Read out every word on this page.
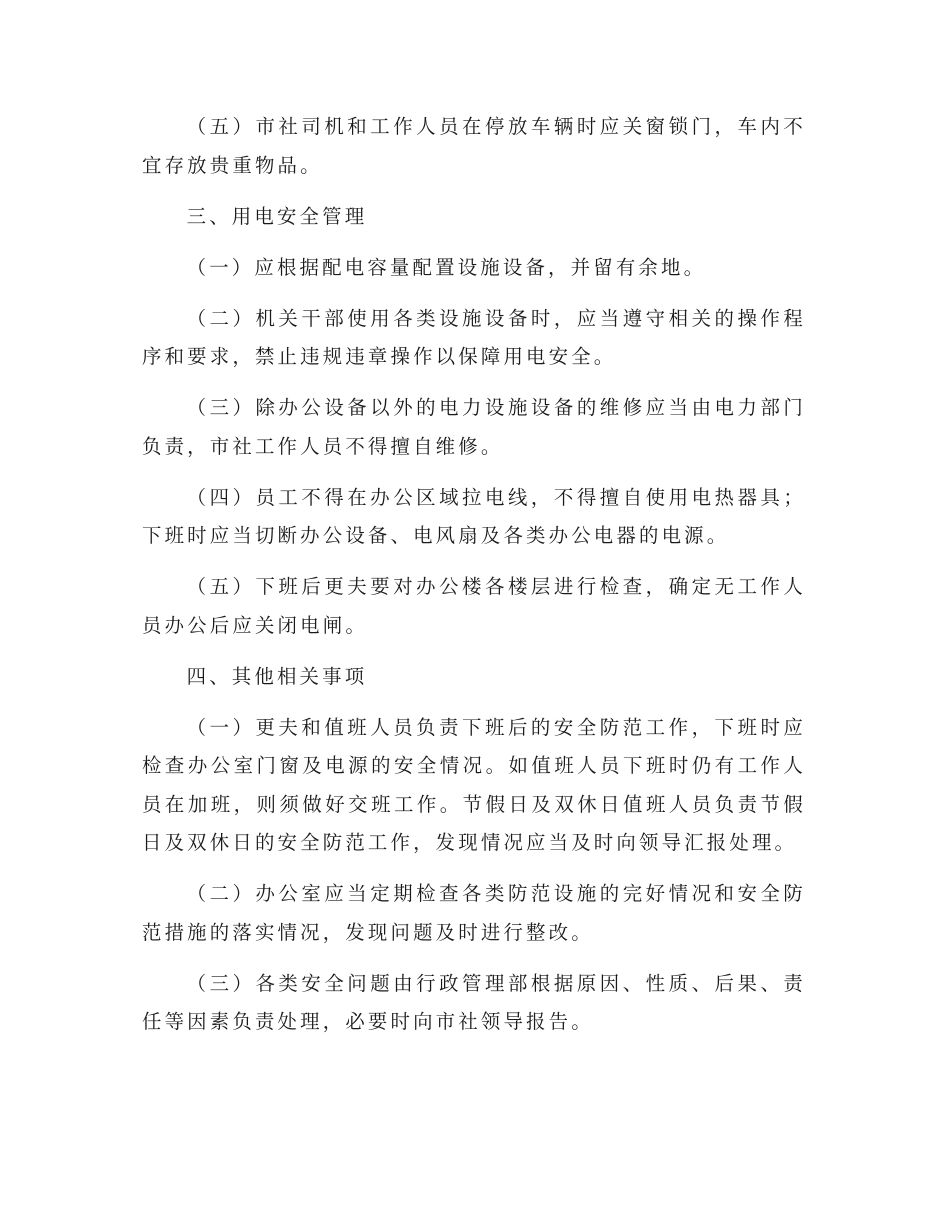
（五）市社司机和工作人员在停放车辆时应关窗锁门，车内不宜存放贵重物品。

三、用电安全管理

（一）应根据配电容量配置设施设备，并留有余地。

（二）机关干部使用各类设施设备时，应当遵守相关的操作程序和要求，禁止违规违章操作以保障用电安全。

（三）除办公设备以外的电力设施设备的维修应当由电力部门负责，市社工作人员不得擅自维修。

（四）员工不得在办公区域拉电线，不得擅自使用电热器具；下班时应当切断办公设备、电风扇及各类办公电器的电源。

（五）下班后更夫要对办公楼各楼层进行检查，确定无工作人员办公后应关闭电闸。

四、其他相关事项

（一）更夫和值班人员负责下班后的安全防范工作，下班时应检查办公室门窗及电源的安全情况。如值班人员下班时仍有工作人员在加班，则须做好交班工作。节假日及双休日值班人员负责节假日及双休日的安全防范工作，发现情况应当及时向领导汇报处理。

（二）办公室应当定期检查各类防范设施的完好情况和安全防范措施的落实情况，发现问题及时进行整改。

（三）各类安全问题由行政管理部根据原因、性质、后果、责任等因素负责处理，必要时向市社领导报告。
